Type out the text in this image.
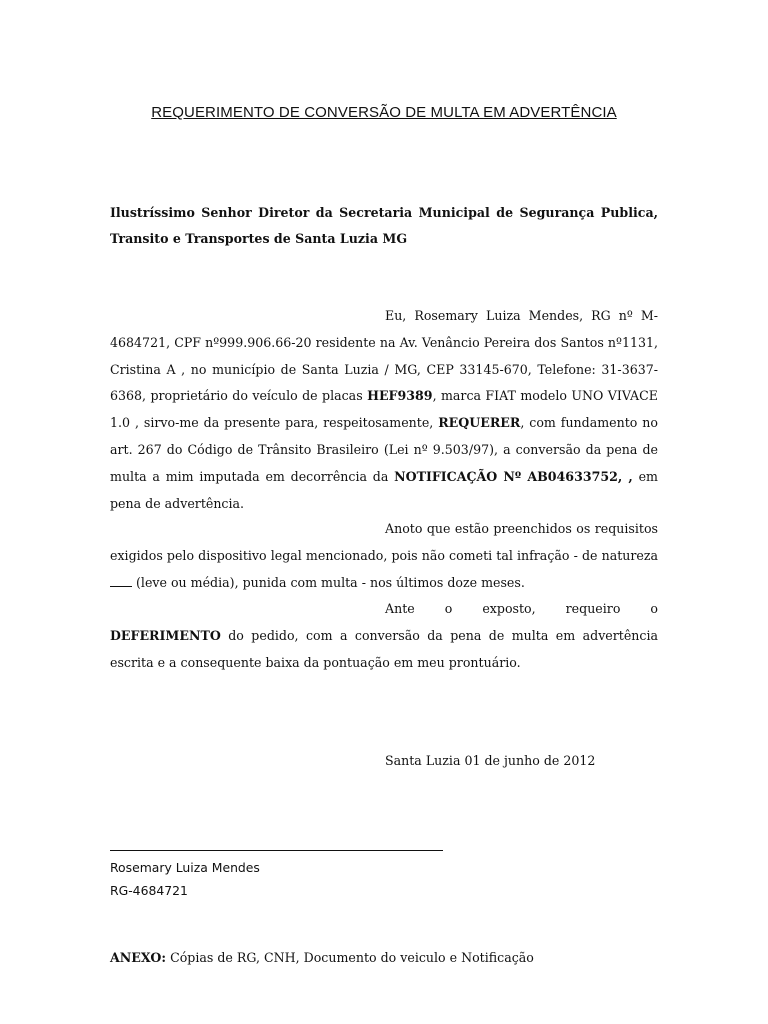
REQUERIMENTO DE CONVERSÃO DE MULTA EM ADVERTÊNCIA
Ilustríssimo Senhor Diretor da Secretaria Municipal de Segurança Publica, Transito e Transportes de Santa Luzia MG

Eu, Rosemary Luiza Mendes, RG nº M-4684721, CPF nº999.906.66-20 residente na Av. Venâncio Pereira dos Santos nº1131, Cristina A , no município de Santa Luzia / MG, CEP 33145-670, Telefone: 31-3637-6368, proprietário do veículo de placas HEF9389, marca FIAT modelo UNO VIVACE 1.0 , sirvo-me da presente para, respeitosamente, REQUERER, com fundamento no art. 267 do Código de Trânsito Brasileiro (Lei nº 9.503/97), a conversão da pena de multa a mim imputada em decorrência da NOTIFICAÇÃO Nº AB04633752, , em pena de advertência.

Anoto que estão preenchidos os requisitos exigidos pelo dispositivo legal mencionado, pois não cometi tal infração - de natureza  (leve ou média), punida com multa - nos últimos doze meses.

Ante o exposto, requeiro o DEFERIMENTO do pedido, com a conversão da pena de multa em advertência escrita e a consequente baixa da pontuação em meu prontuário.

Santa Luzia 01 de junho de 2012
Rosemary Luiza Mendes
RG-4684721
ANEXO: Cópias de RG, CNH, Documento do veiculo e Notificação
